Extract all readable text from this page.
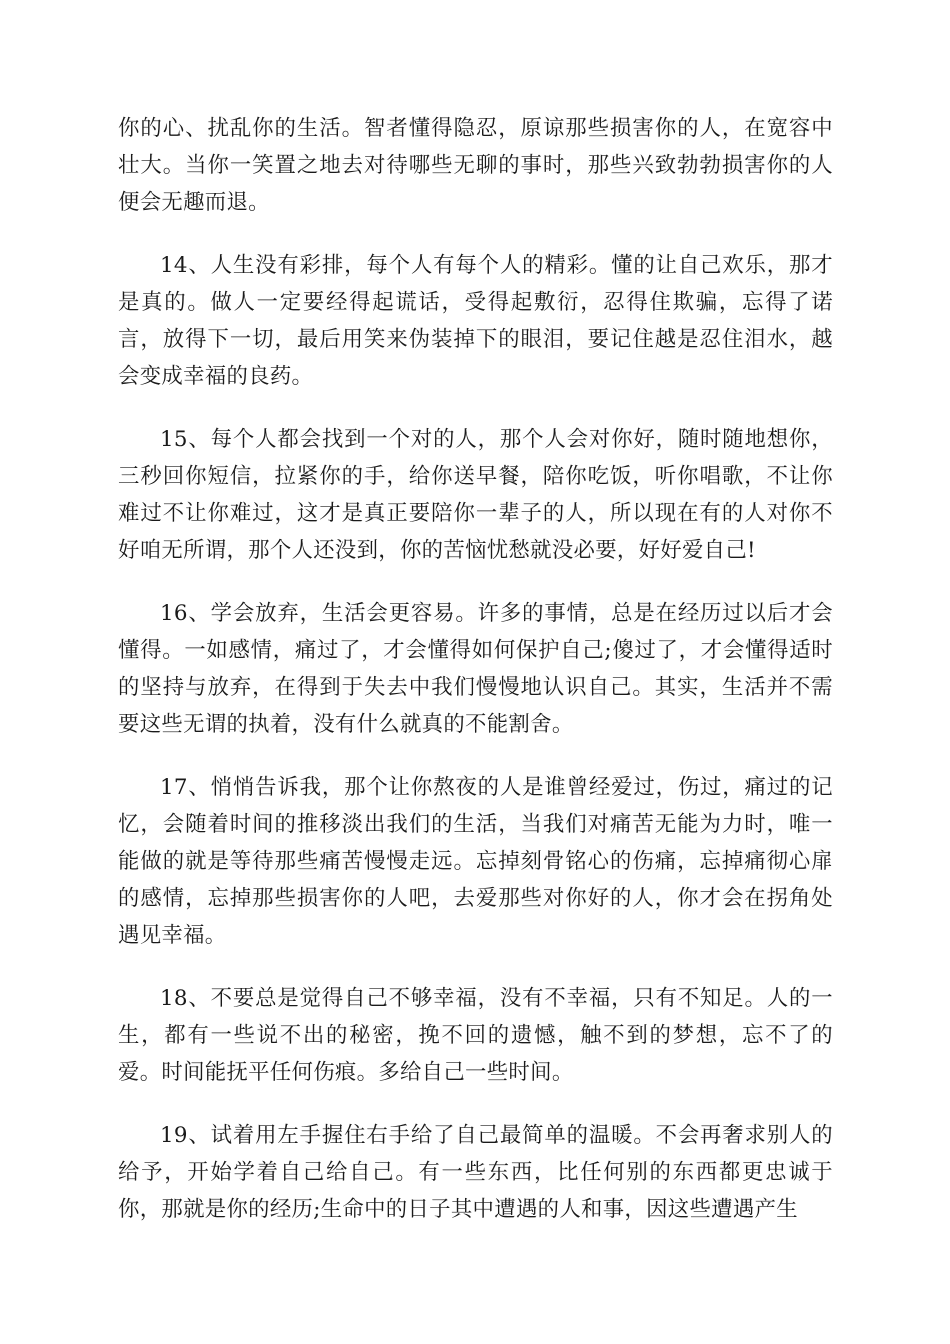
你的心、扰乱你的生活。智者懂得隐忍，原谅那些损害你的人，在宽容中壮大。当你一笑置之地去对待哪些无聊的事时，那些兴致勃勃损害你的人便会无趣而退。

14、人生没有彩排，每个人有每个人的精彩。懂的让自己欢乐，那才是真的。做人一定要经得起谎话，受得起敷衍，忍得住欺骗，忘得了诺言，放得下一切，最后用笑来伪装掉下的眼泪，要记住越是忍住泪水，越会变成幸福的良药。

15、每个人都会找到一个对的人，那个人会对你好，随时随地想你，三秒回你短信，拉紧你的手，给你送早餐，陪你吃饭，听你唱歌，不让你难过不让你难过，这才是真正要陪你一辈子的人，所以现在有的人对你不好咱无所谓，那个人还没到，你的苦恼忧愁就没必要，好好爱自己!

16、学会放弃，生活会更容易。许多的事情，总是在经历过以后才会懂得。一如感情，痛过了，才会懂得如何保护自己;傻过了，才会懂得适时的坚持与放弃，在得到于失去中我们慢慢地认识自己。其实，生活并不需要这些无谓的执着，没有什么就真的不能割舍。

17、悄悄告诉我，那个让你熬夜的人是谁曾经爱过，伤过，痛过的记忆，会随着时间的推移淡出我们的生活，当我们对痛苦无能为力时，唯一能做的就是等待那些痛苦慢慢走远。忘掉刻骨铭心的伤痛，忘掉痛彻心扉的感情，忘掉那些损害你的人吧，去爱那些对你好的人，你才会在拐角处遇见幸福。

18、不要总是觉得自己不够幸福，没有不幸福，只有不知足。人的一生，都有一些说不出的秘密，挽不回的遗憾，触不到的梦想，忘不了的爱。时间能抚平任何伤痕。多给自己一些时间。

19、试着用左手握住右手给了自己最简单的温暖。不会再奢求别人的给予，开始学着自己给自己。有一些东西，比任何别的东西都更忠诚于你，那就是你的经历;生命中的日子其中遭遇的人和事，因这些遭遇产生
